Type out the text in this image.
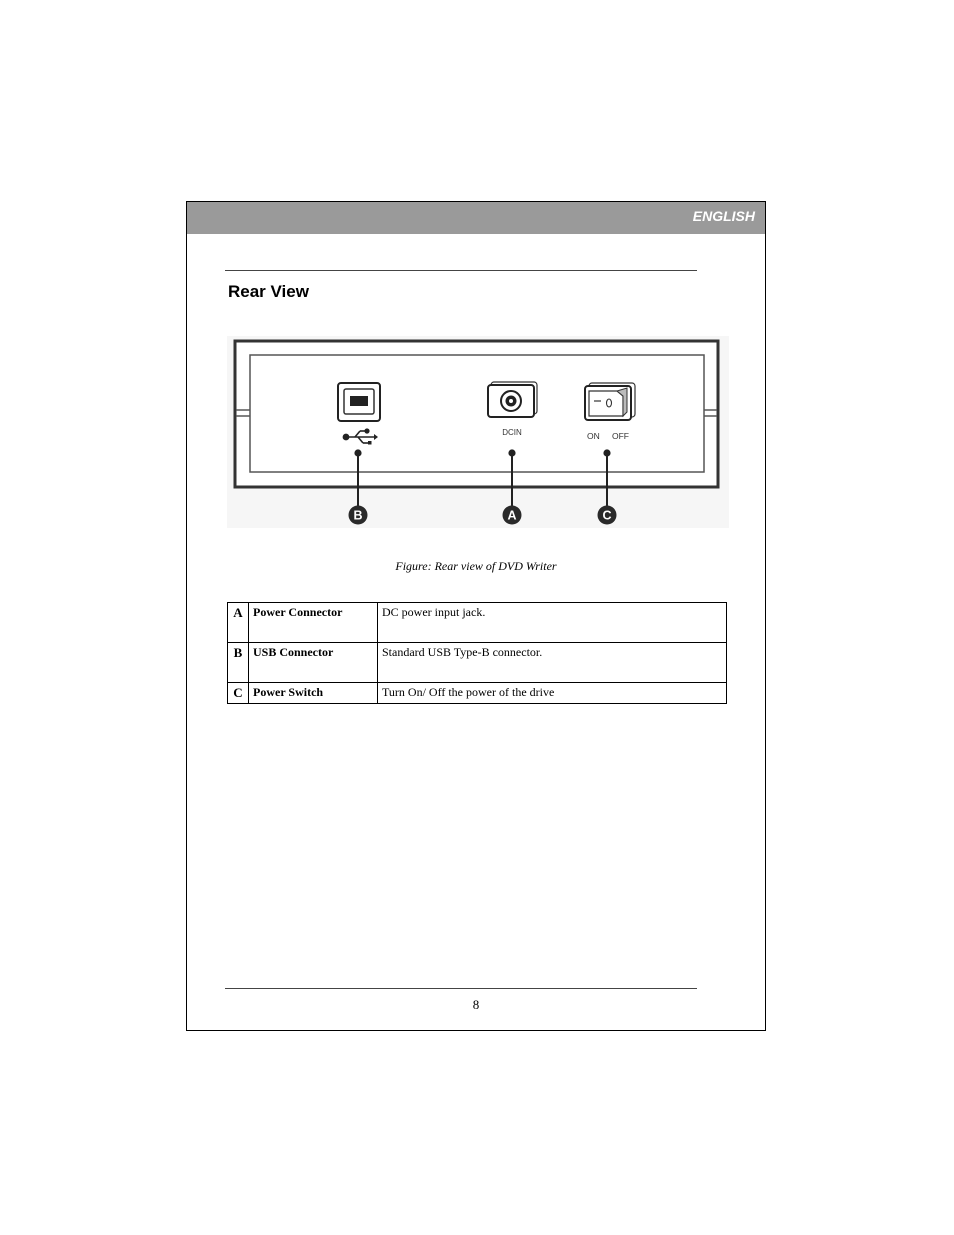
ENGLISH
Rear View
DCIN	ON OFF
B	A	C
Figure: Rear view of DVD Writer
A	Power Connector	DC power input jack.
B	USB Connector	Standard USB Type-B connector.
C	Power Switch	Turn On/ Off the power of the drive
8
